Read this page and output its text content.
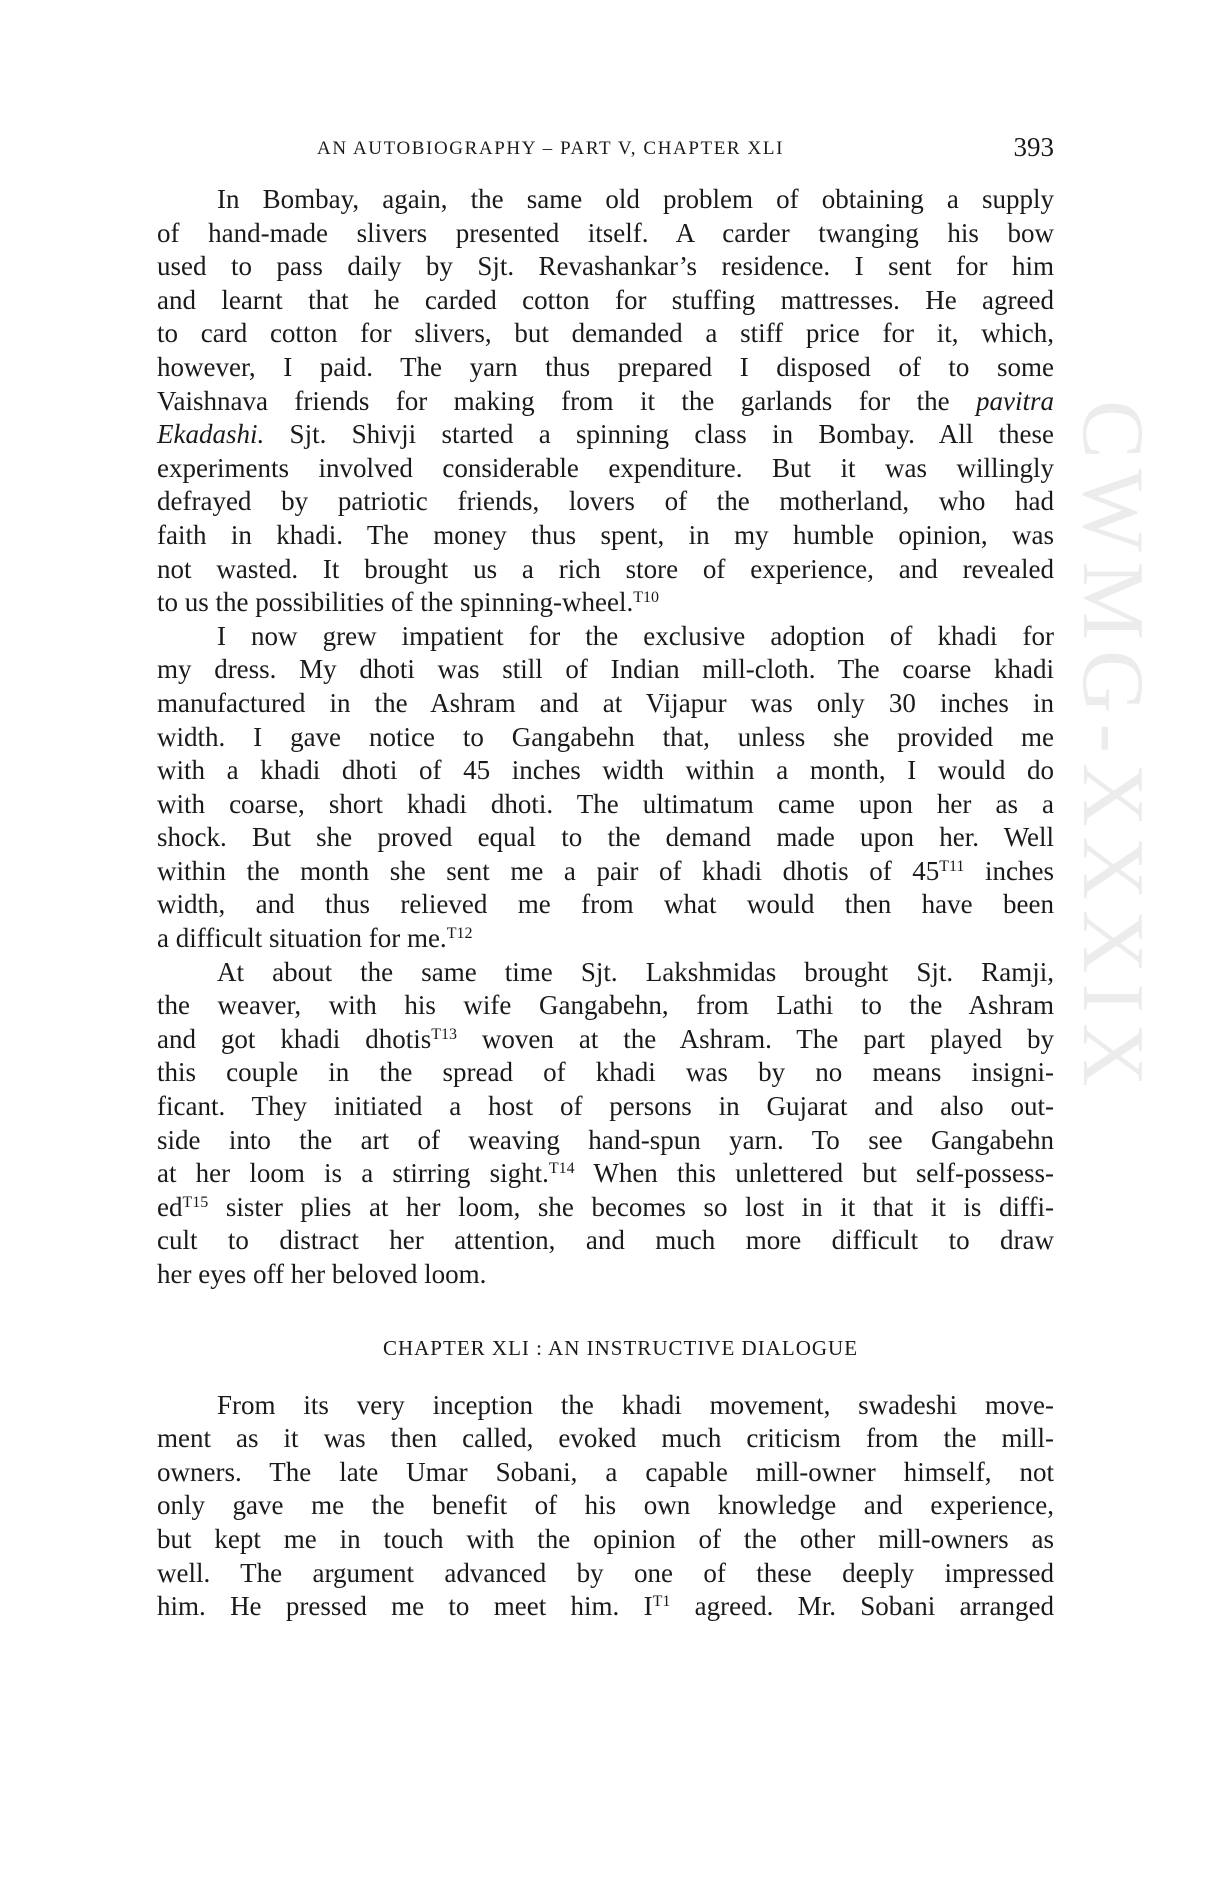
CWMG-XXXIX
AN AUTOBIOGRAPHY – PART V, CHAPTER XLI	393
In Bombay, again, the same old problem of obtaining a supply
of hand-made slivers presented itself. A carder twanging his bow
used to pass daily by Sjt. Revashankar’s residence. I sent for him
and learnt that he carded cotton for stuffing mattresses. He agreed
to card cotton for slivers, but demanded a stiff price for it, which,
however, I paid. The yarn thus prepared I disposed of to some
Vaishnava friends for making from it the garlands for the pavitra
Ekadashi. Sjt. Shivji started a spinning class in Bombay. All these
experiments involved considerable expenditure. But it was willingly
defrayed by patriotic friends, lovers of the motherland, who had
faith in khadi. The money thus spent, in my humble opinion, was
not wasted. It brought us a rich store of experience, and revealed
to us the possibilities of the spinning-wheel.$^{T10}$
I now grew impatient for the exclusive adoption of khadi for
my dress. My dhoti was still of Indian mill-cloth. The coarse khadi
manufactured in the Ashram and at Vijapur was only 30 inches in
width. I gave notice to Gangabehn that, unless she provided me
with a khadi dhoti of 45 inches width within a month, I would do
with coarse, short khadi dhoti. The ultimatum came upon her as a
shock. But she proved equal to the demand made upon her. Well
within the month she sent me a pair of khadi dhotis of $45^{T11}$ inches
width, and thus relieved me from what would then have been
a difficult situation for me.$^{T12}$
At about the same time Sjt. Lakshmidas brought Sjt. Ramji,
the weaver, with his wife Gangabehn, from Lathi to the Ashram
and got khadi dhotis$^{T13}$ woven at the Ashram. The part played by
this couple in the spread of khadi was by no means insigni-
ficant. They initiated a host of persons in Gujarat and also out-
side into the art of weaving hand-spun yarn. To see Gangabehn
at her loom is a stirring sight.$^{T14}$ When this unlettered but self-possess-
$ed^{T15}$ sister plies at her loom, she becomes so lost in it that it is diffi-
cult to distract her attention, and much more difficult to draw
her eyes off her beloved loom.
CHAPTER XLI : AN INSTRUCTIVE DIALOGUE
From its very inception the khadi movement, swadeshi move-
ment as it was then called, evoked much criticism from the mill-
owners. The late Umar Sobani, a capable mill-owner himself, not
only gave me the benefit of his own knowledge and experience,
but kept me in touch with the opinion of the other mill-owners as
well. The argument advanced by one of these deeply impressed
him. He pressed me to meet him. $I^{T1}$ agreed. Mr. Sobani arranged
